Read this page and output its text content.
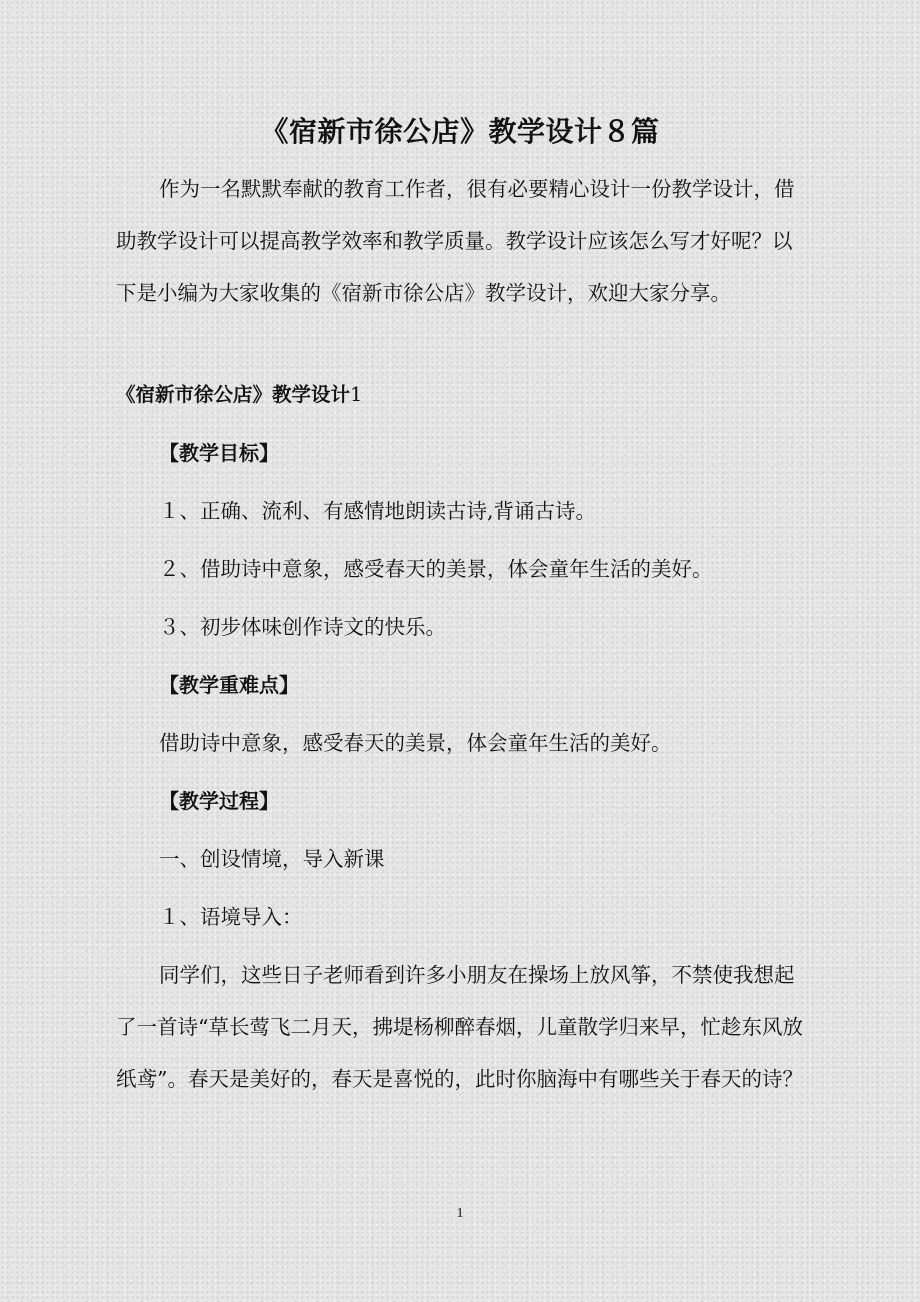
《宿新市徐公店》教学设计８篇

作为一名默默奉献的教育工作者，很有必要精心设计一份教学设计，借助教学设计可以提高教学效率和教学质量。教学设计应该怎么写才好呢？以下是小编为大家收集的《宿新市徐公店》教学设计，欢迎大家分享。

《宿新市徐公店》教学设计1
【教学目标】
１、正确、流利、有感情地朗读古诗,背诵古诗。
２、借助诗中意象，感受春天的美景，体会童年生活的美好。
３、初步体味创作诗文的快乐。
【教学重难点】
借助诗中意象，感受春天的美景，体会童年生活的美好。
【教学过程】
一、创设情境，导入新课
１、语境导入：

同学们，这些日子老师看到许多小朋友在操场上放风筝，不禁使我想起了一首诗“草长莺飞二月天，拂堤杨柳醉春烟，儿童散学归来早，忙趁东风放纸鸢”。春天是美好的，春天是喜悦的，此时你脑海中有哪些关于春天的诗？

1
